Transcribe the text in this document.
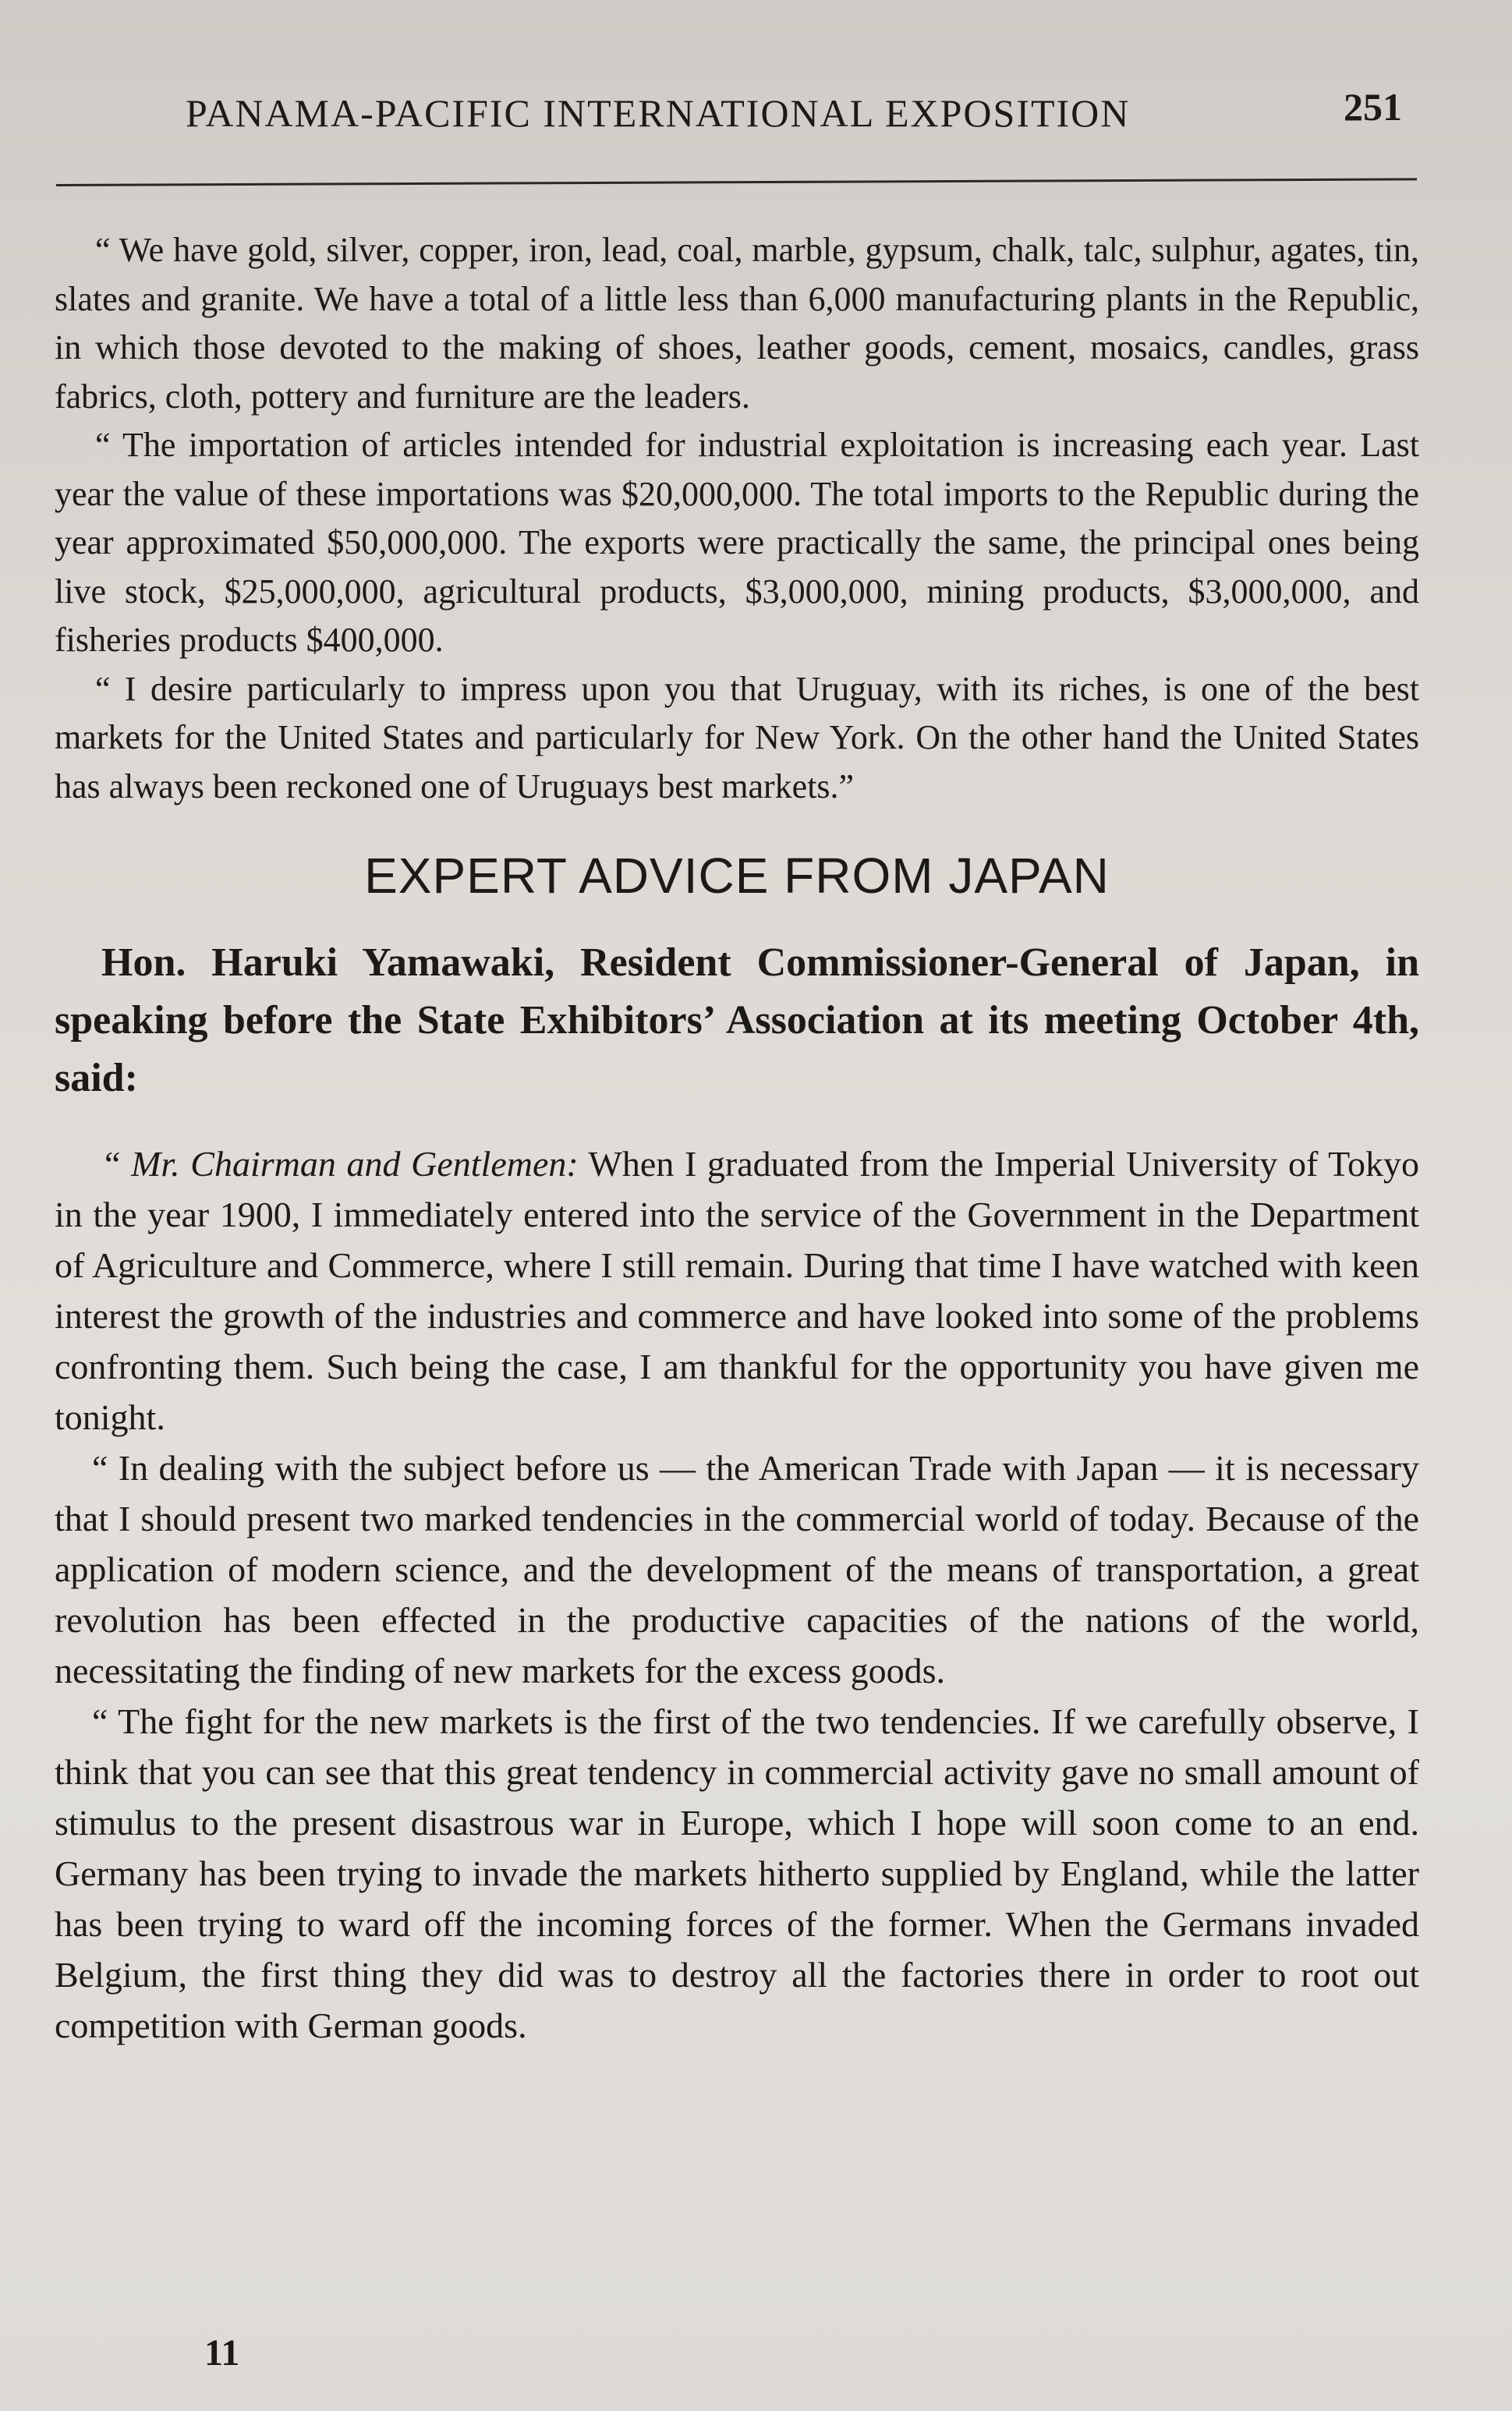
PANAMA-PACIFIC INTERNATIONAL EXPOSITION	251

“ We have gold, silver, copper, iron, lead, coal, marble, gypsum, chalk, talc, sulphur, agates, tin, slates and granite. We have a total of a little less than 6,000 manufacturing plants in the Republic, in which those devoted to the making of shoes, leather goods, cement, mosaics, candles, grass fabrics, cloth, pottery and furniture are the leaders.

“ The importation of articles intended for industrial exploitation is increasing each year. Last year the value of these importations was $20,000,000. The total imports to the Republic during the year approximated $50,000,000. The exports were practically the same, the principal ones being live stock, $25,000,000, agricultural products, $3,000,000, mining products, $3,000,000, and fisheries products $400,000.

“ I desire particularly to impress upon you that Uruguay, with its riches, is one of the best markets for the United States and particularly for New York. On the other hand the United States has always been reckoned one of Uruguays best markets.”

EXPERT ADVICE FROM JAPAN

Hon. Haruki Yamawaki, Resident Commissioner-General of Japan, in speaking before the State Exhibitors’ Association at its meeting October 4th, said:

“ Mr. Chairman and Gentlemen: When I graduated from the Imperial University of Tokyo in the year 1900, I immediately entered into the service of the Government in the Department of Agriculture and Commerce, where I still remain. During that time I have watched with keen interest the growth of the industries and commerce and have looked into some of the problems confronting them. Such being the case, I am thankful for the opportunity you have given me tonight.

“ In dealing with the subject before us — the American Trade with Japan — it is necessary that I should present two marked tendencies in the commercial world of today. Because of the application of modern science, and the development of the means of transportation, a great revolution has been effected in the productive capacities of the nations of the world, necessitating the finding of new markets for the excess goods.

“ The fight for the new markets is the first of the two tendencies. If we carefully observe, I think that you can see that this great tendency in commercial activity gave no small amount of stimulus to the present disastrous war in Europe, which I hope will soon come to an end. Germany has been trying to invade the markets hitherto supplied by England, while the latter has been trying to ward off the incoming forces of the former. When the Germans invaded Belgium, the first thing they did was to destroy all the factories there in order to root out competition with German goods.

11
